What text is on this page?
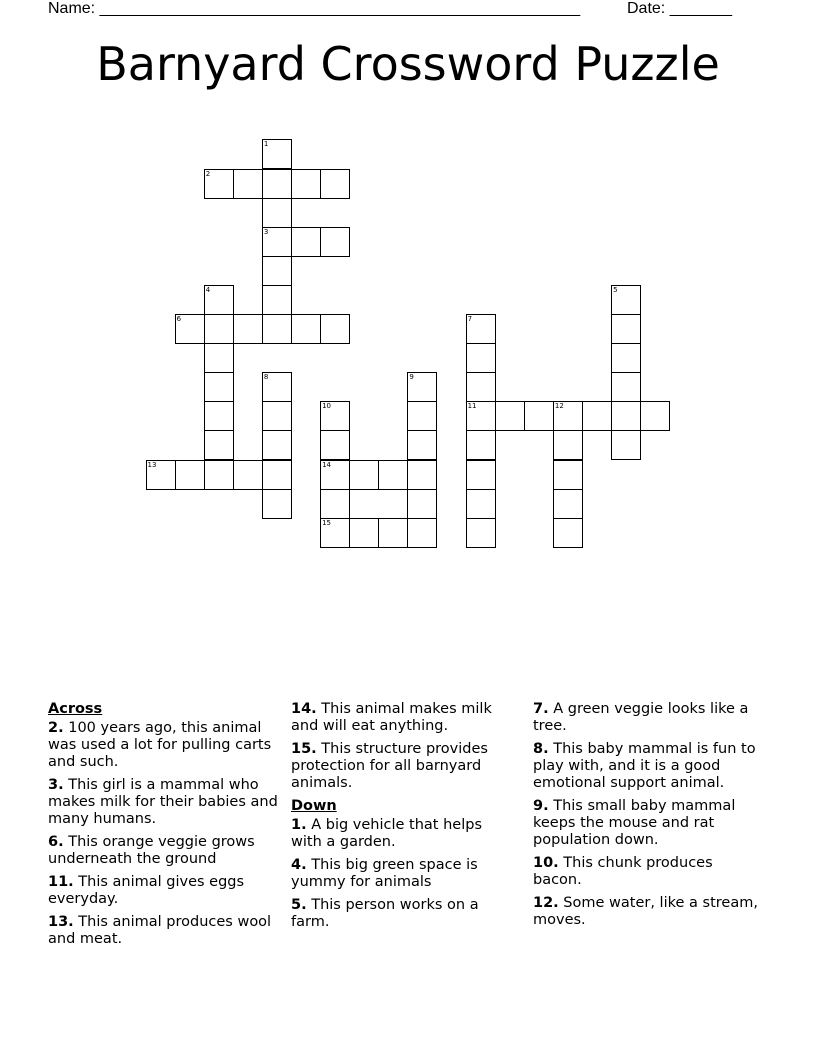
Name: ______________________________________________________	Date: _______
Barnyard Crossword Puzzle
1
2
3
4	5
6	7
8	9
10	11	12
13	14
15
Across
2. 100 years ago, this animal was used a lot for pulling carts and such.
3. This girl is a mammal who makes milk for their babies and many humans.
6. This orange veggie grows underneath the ground
11. This animal gives eggs everyday.
13. This animal produces wool and meat.
14. This animal makes milk and will eat anything.
15. This structure provides protection for all barnyard animals.
Down
1. A big vehicle that helps with a garden.
4. This big green space is yummy for animals
5. This person works on a farm.
7. A green veggie looks like a tree.
8. This baby mammal is fun to play with, and it is a good emotional support animal.
9. This small baby mammal keeps the mouse and rat population down.
10. This chunk produces bacon.
12. Some water, like a stream, moves.
